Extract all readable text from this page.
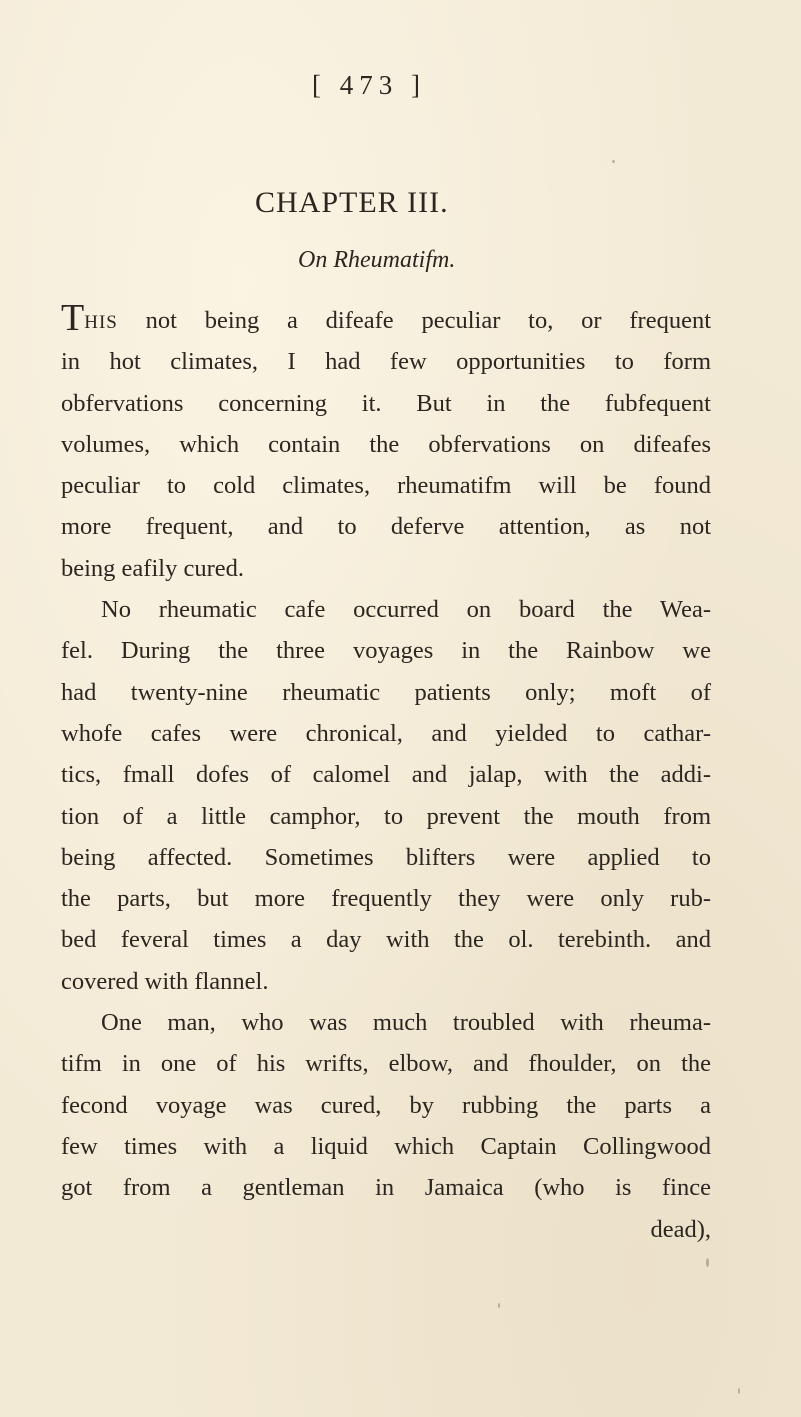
[ 473 ]
CHAPTER III.
On Rheumatifm.
THIS not being a difeafe peculiar to, or frequent
in hot climates, I had few opportunities to form
obfervations concerning it. But in the fubfequent
volumes, which contain the obfervations on difeafes
peculiar to cold climates, rheumatifm will be found
more frequent, and to deferve attention, as not
being eafily cured.
No rheumatic cafe occurred on board the Wea-
fel. During the three voyages in the Rainbow we
had twenty-nine rheumatic patients only; moft of
whofe cafes were chronical, and yielded to cathar-
tics, fmall dofes of calomel and jalap, with the addi-
tion of a little camphor, to prevent the mouth from
being affected. Sometimes blifters were applied to
the parts, but more frequently they were only rub-
bed feveral times a day with the ol. terebinth. and
covered with flannel.
One man, who was much troubled with rheuma-
tifm in one of his wrifts, elbow, and fhoulder, on the
fecond voyage was cured, by rubbing the parts a
few times with a liquid which Captain Collingwood
got from a gentleman in Jamaica (who is fince
dead),
